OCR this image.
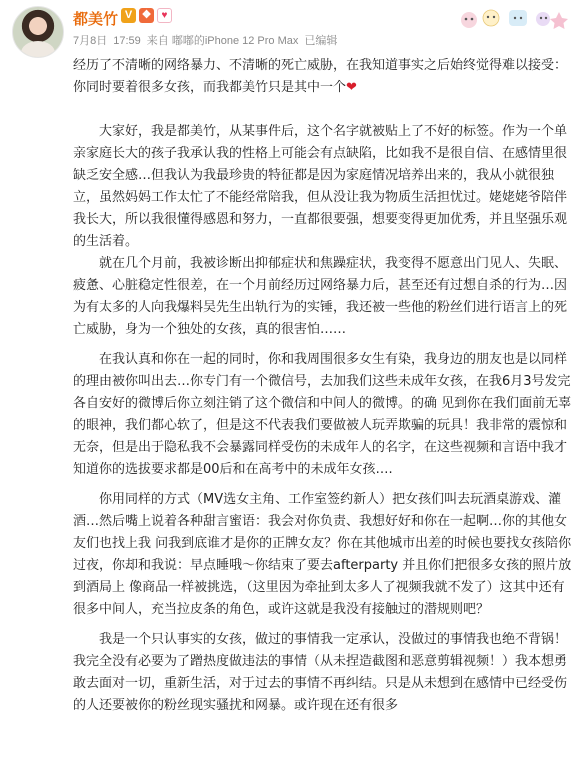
都美竹 V ❖	♥
7月8日 17:59 来自 嘟嘟的iPhone 12 Pro Max 已编辑

经历了不清晰的网络暴力、不清晰的死亡威胁，在我知道事实之后始终觉得难以接受：你同时要着很多女孩，而我都美竹只是其中一个❤

大家好，我是都美竹，从某事件后，这个名字就被贴上了不好的标签。作为一个单亲家庭长大的孩子我承认我的性格上可能会有点缺陷，比如我不是很自信、在感情里很缺乏安全感…但我认为我最珍贵的特征都是因为家庭情况培养出来的，我从小就很独立，虽然妈妈工作太忙了不能经常陪我，但从没让我为物质生活担忧过。姥姥姥爷陪伴我长大，所以我很懂得感恩和努力，一直都很要强，想要变得更加优秀，并且坚强乐观的生活着。

就在几个月前，我被诊断出抑郁症状和焦躁症状，我变得不愿意出门见人、失眠、疲惫、心脏稳定性很差，在一个月前经历过网络暴力后，甚至还有过想自杀的行为…因为有太多的人向我爆料吴先生出轨行为的实锤，我还被一些他的粉丝们进行语言上的死亡威胁，身为一个独处的女孩，真的很害怕……

在我认真和你在一起的同时，你和我周围很多女生有染，我身边的朋友也是以同样的理由被你叫出去…你专门有一个微信号，去加我们这些未成年女孩，在我6月3号发完各自安好的微博后你立刻注销了这个微信和中间人的微博。的确 见到你在我们面前无辜的眼神，我们都心软了，但是这不代表我们要做被人玩弄欺骗的玩具！我非常的震惊和无奈，但是出于隐私我不会暴露同样受伤的未成年人的名字，在这些视频和言语中我才知道你的选拔要求都是00后和在高考中的未成年女孩….

你用同样的方式（MV选女主角、工作室签约新人）把女孩们叫去玩酒桌游戏、灌酒…然后嘴上说着各种甜言蜜语：我会对你负责、我想好好和你在一起啊…你的其他女友们也找上我 问我到底谁才是你的正牌女友？你在其他城市出差的时候也要找女孩陪你过夜，你却和我说：早点睡哦～你结束了要去afterparty 并且你们把很多女孩的照片放到酒局上 像商品一样被挑选，（这里因为牵扯到太多人了视频我就不发了）这其中还有很多中间人，充当拉皮条的角色，或许这就是我没有接触过的潜规则吧？

我是一个只认事实的女孩，做过的事情我一定承认，没做过的事情我也绝不背锅！我完全没有必要为了蹭热度做违法的事情（从未捏造截图和恶意剪辑视频！）我本想勇敢去面对一切，重新生活，对于过去的事情不再纠结。只是从未想到在感情中已经受伤的人还要被你的粉丝现实骚扰和网暴。或许现在还有很多
